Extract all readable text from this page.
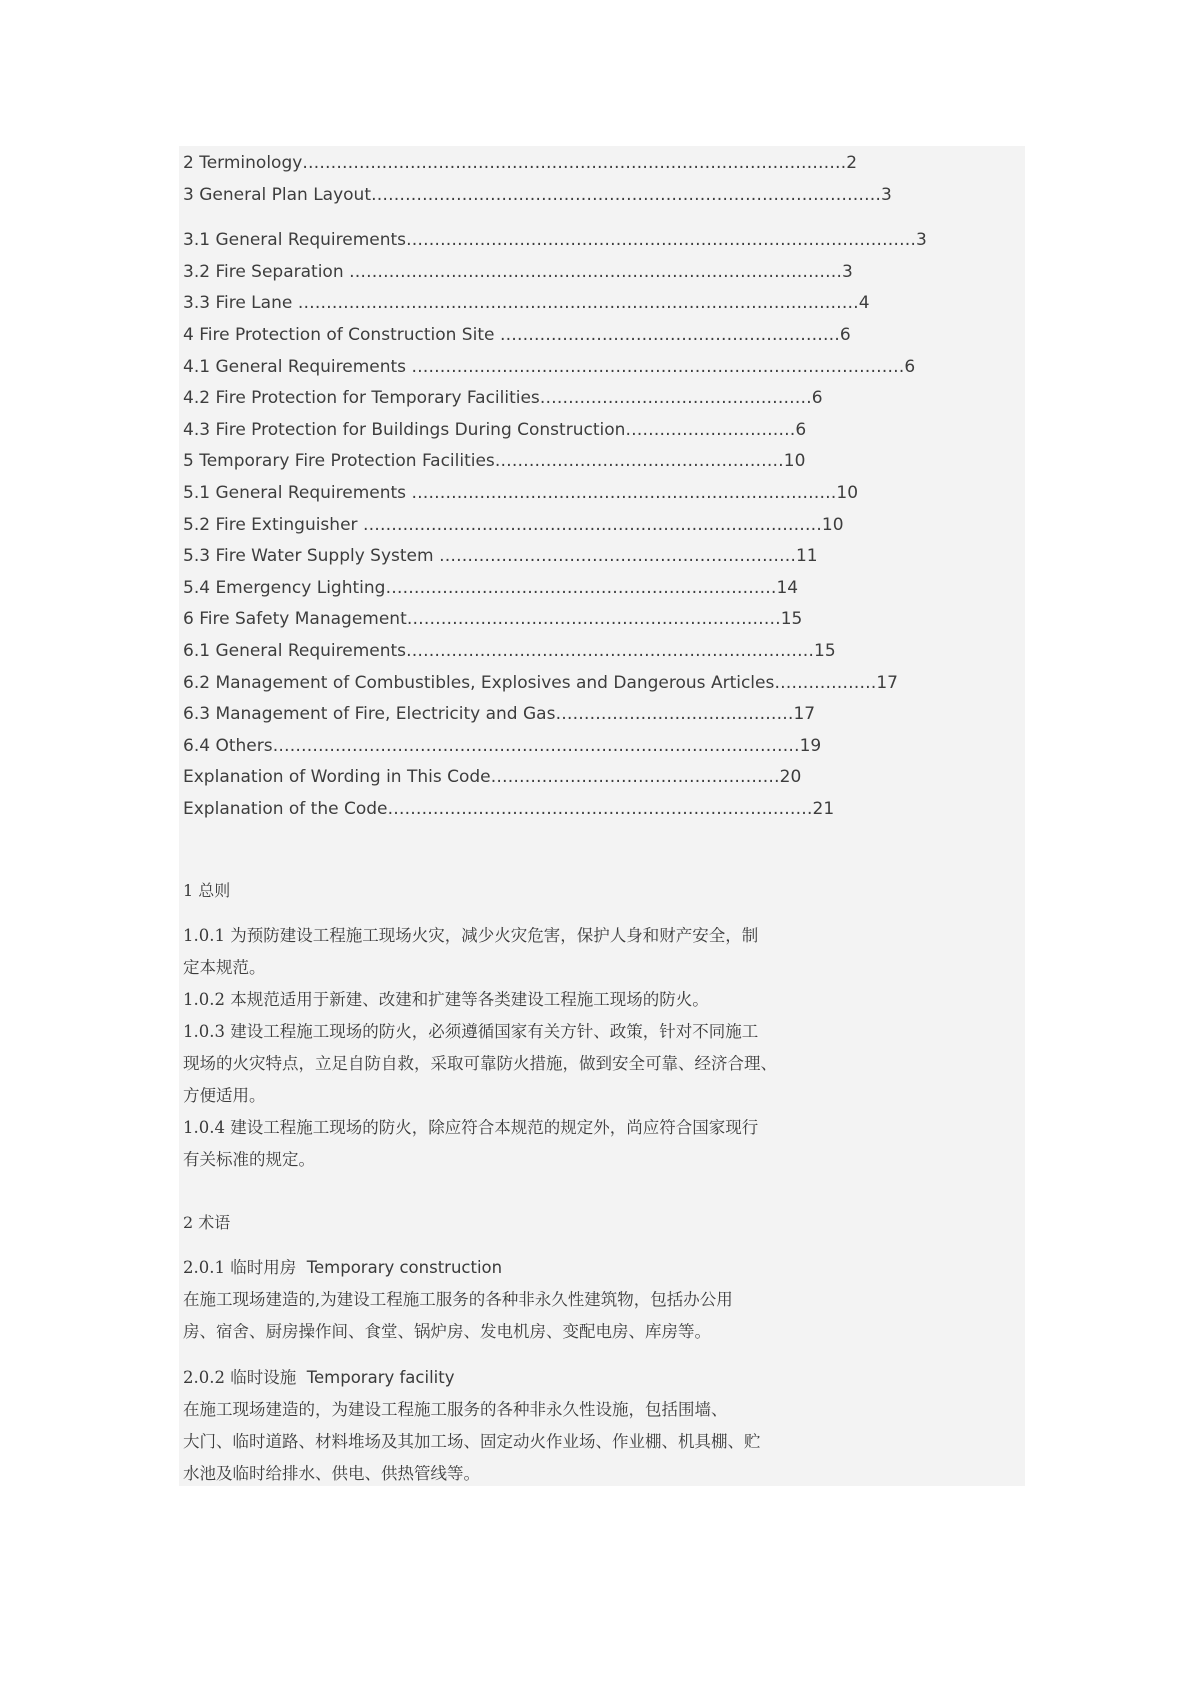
2 Terminology……………………………………………………………………………………2
3 General Plan Layout………………………………………………………………………………3
3.1 General Requirements………………………………………………………………………………3
3.2 Fire Separation ……………………………………………………………………………3
3.3 Fire Lane ………………………………………………………………………………………4
4 Fire Protection of Construction Site ……………………………………………………6
4.1 General Requirements ……………………………………………………………………………6
4.2 Fire Protection for Temporary Facilities…………………………………………6
4.3 Fire Protection for Buildings During Construction…………………………6
5 Temporary Fire Protection Facilities……………………………………………10
5.1 General Requirements …………………………………………………………………10
5.2 Fire Extinguisher ………………………………………………………………………10
5.3 Fire Water Supply System ………………………………………………………11
5.4 Emergency Lighting……………………………………………………………14
6 Fire Safety Management…………………………………………………………15
6.1 General Requirements………………………………………………………………15
6.2 Management of Combustibles, Explosives and Dangerous Articles………………17
6.3 Management of Fire, Electricity and Gas……………………………………17
6.4 Others…………………………………………………………………………………19
Explanation of Wording in This Code……………………………………………20
Explanation of the Code…………………………………………………………………21
1 总则

1.0.1 为预防建设工程施工现场火灾，减少火灾危害，保护人身和财产安全，制

定本规范。

1.0.2 本规范适用于新建、改建和扩建等各类建设工程施工现场的防火。

1.0.3 建设工程施工现场的防火，必须遵循国家有关方针、政策，针对不同施工

现场的火灾特点，立足自防自救，采取可靠防火措施，做到安全可靠、经济合理、

方便适用。

1.0.4 建设工程施工现场的防火，除应符合本规范的规定外，尚应符合国家现行

有关标准的规定。

2 术语

2.0.1 临时用房 Temporary construction

在施工现场建造的,为建设工程施工服务的各种非永久性建筑物，包括办公用

房、宿舍、厨房操作间、食堂、锅炉房、发电机房、变配电房、库房等。

2.0.2 临时设施 Temporary facility

在施工现场建造的，为建设工程施工服务的各种非永久性设施，包括围墙、

大门、临时道路、材料堆场及其加工场、固定动火作业场、作业棚、机具棚、贮

水池及临时给排水、供电、供热管线等。
